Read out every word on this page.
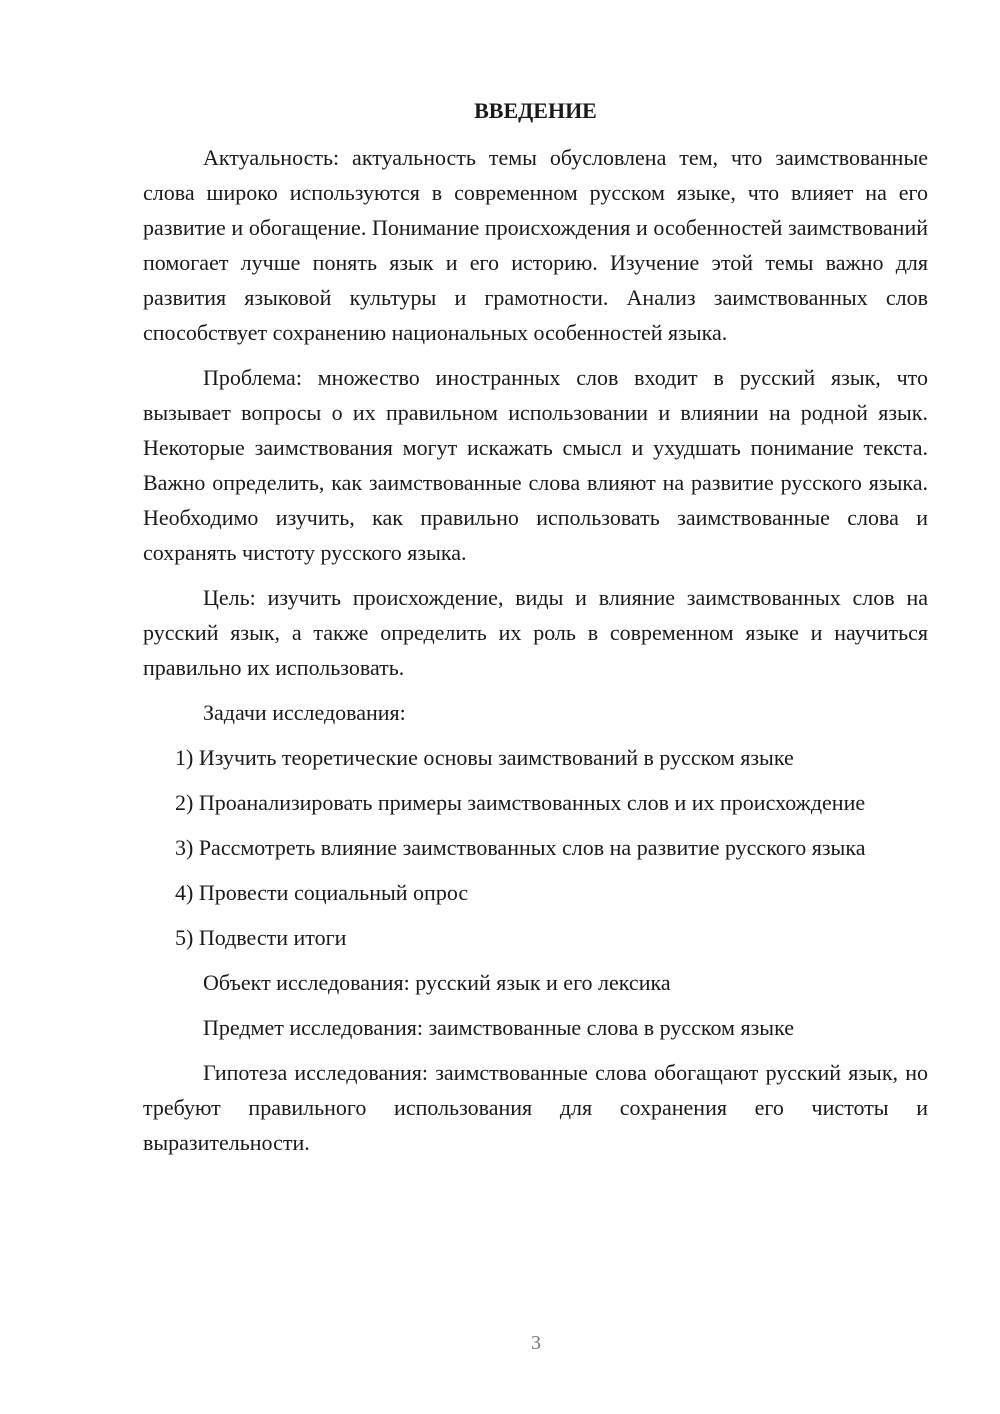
ВВЕДЕНИЕ

Актуальность: актуальность темы обусловлена тем, что заимствованные слова широко используются в современном русском языке, что влияет на его развитие и обогащение. Понимание происхождения и особенностей заимствований помогает лучше понять язык и его историю. Изучение этой темы важно для развития языковой культуры и грамотности. Анализ заимствованных слов способствует сохранению национальных особенностей языка.

Проблема: множество иностранных слов входит в русский язык, что вызывает вопросы о их правильном использовании и влиянии на родной язык. Некоторые заимствования могут искажать смысл и ухудшать понимание текста. Важно определить, как заимствованные слова влияют на развитие русского языка. Необходимо изучить, как правильно использовать заимствованные слова и сохранять чистоту русского языка.

Цель: изучить происхождение, виды и влияние заимствованных слов на русский язык, а также определить их роль в современном языке и научиться правильно их использовать.

Задачи исследования:

1) Изучить теоретические основы заимствований в русском языке

2) Проанализировать примеры заимствованных слов и их происхождение

3) Рассмотреть влияние заимствованных слов на развитие русского языка

4) Провести социальный опрос

5) Подвести итоги

Объект исследования: русский язык и его лексика

Предмет исследования: заимствованные слова в русском языке

Гипотеза исследования: заимствованные слова обогащают русский язык, но требуют правильного использования для сохранения его чистоты и выразительности.

3
